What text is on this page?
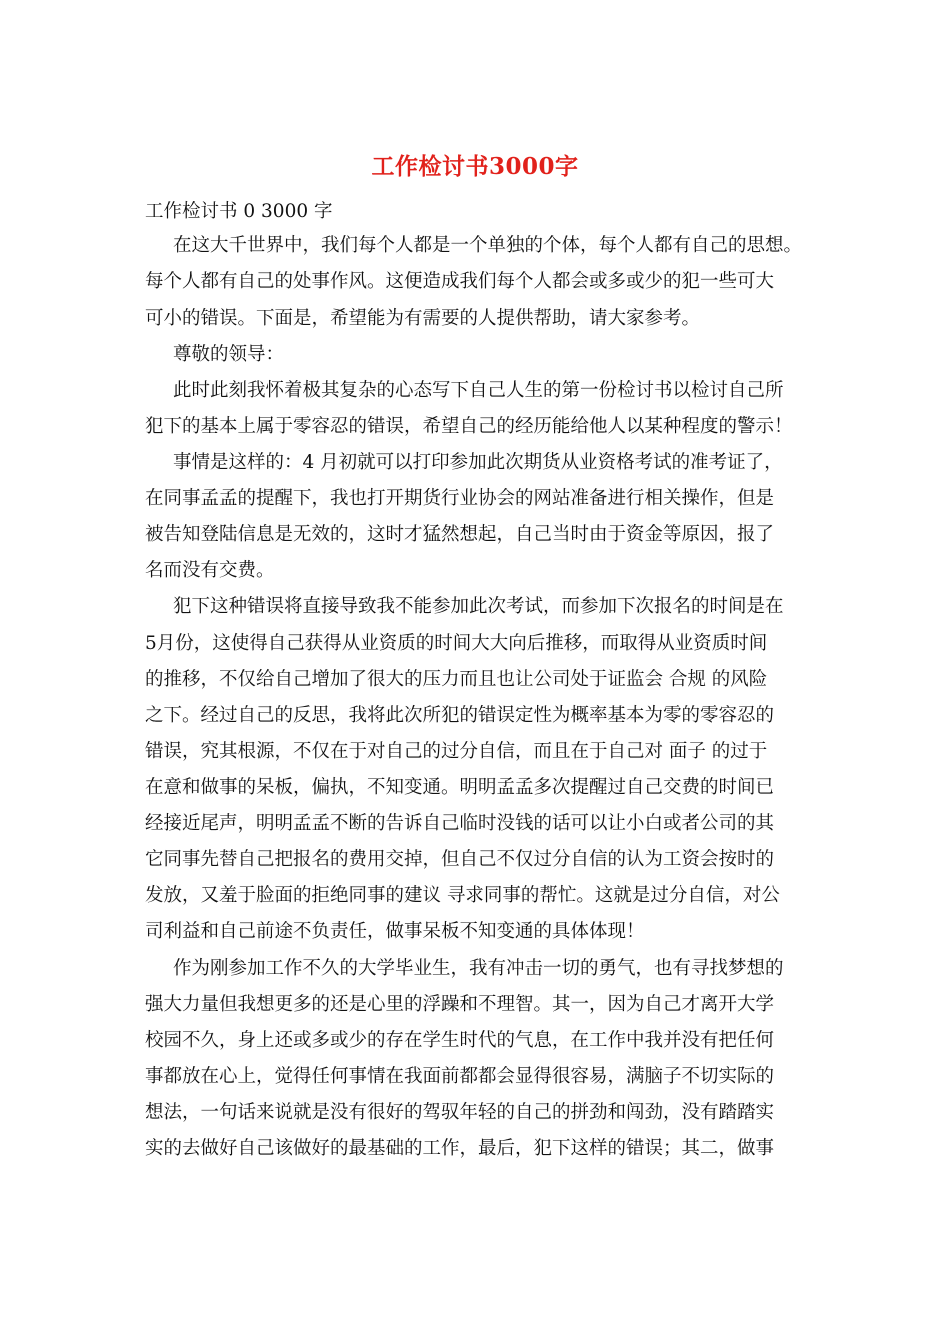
工作检讨书3000字
工作检讨书 0 3000 字
在这大千世界中，我们每个人都是一个单独的个体，每个人都有自己的思想。
每个人都有自己的处事作风。这便造成我们每个人都会或多或少的犯一些可大
可小的错误。下面是，希望能为有需要的人提供帮助，请大家参考。
尊敬的领导：
此时此刻我怀着极其复杂的心态写下自己人生的第一份检讨书以检讨自己所
犯下的基本上属于零容忍的错误，希望自己的经历能给他人以某种程度的警示！
事情是这样的：4 月初就可以打印参加此次期货从业资格考试的准考证了，
在同事孟孟的提醒下，我也打开期货行业协会的网站准备进行相关操作，但是
被告知登陆信息是无效的，这时才猛然想起，自己当时由于资金等原因，报了
名而没有交费。
犯下这种错误将直接导致我不能参加此次考试，而参加下次报名的时间是在
5月份，这使得自己获得从业资质的时间大大向后推移，而取得从业资质时间
的推移，不仅给自己增加了很大的压力而且也让公司处于证监会 合规 的风险
之下。经过自己的反思，我将此次所犯的错误定性为概率基本为零的零容忍的
错误，究其根源，不仅在于对自己的过分自信，而且在于自己对 面子 的过于
在意和做事的呆板，偏执，不知变通。明明孟孟多次提醒过自己交费的时间已
经接近尾声，明明孟孟不断的告诉自己临时没钱的话可以让小白或者公司的其
它同事先替自己把报名的费用交掉，但自己不仅过分自信的认为工资会按时的
发放，又羞于脸面的拒绝同事的建议 寻求同事的帮忙。这就是过分自信，对公
司利益和自己前途不负责任，做事呆板不知变通的具体体现！
作为刚参加工作不久的大学毕业生，我有冲击一切的勇气，也有寻找梦想的
强大力量但我想更多的还是心里的浮躁和不理智。其一，因为自己才离开大学
校园不久，身上还或多或少的存在学生时代的气息，在工作中我并没有把任何
事都放在心上，觉得任何事情在我面前都都会显得很容易，满脑子不切实际的
想法，一句话来说就是没有很好的驾驭年轻的自己的拼劲和闯劲，没有踏踏实
实的去做好自己该做好的最基础的工作，最后，犯下这样的错误；其二，做事
